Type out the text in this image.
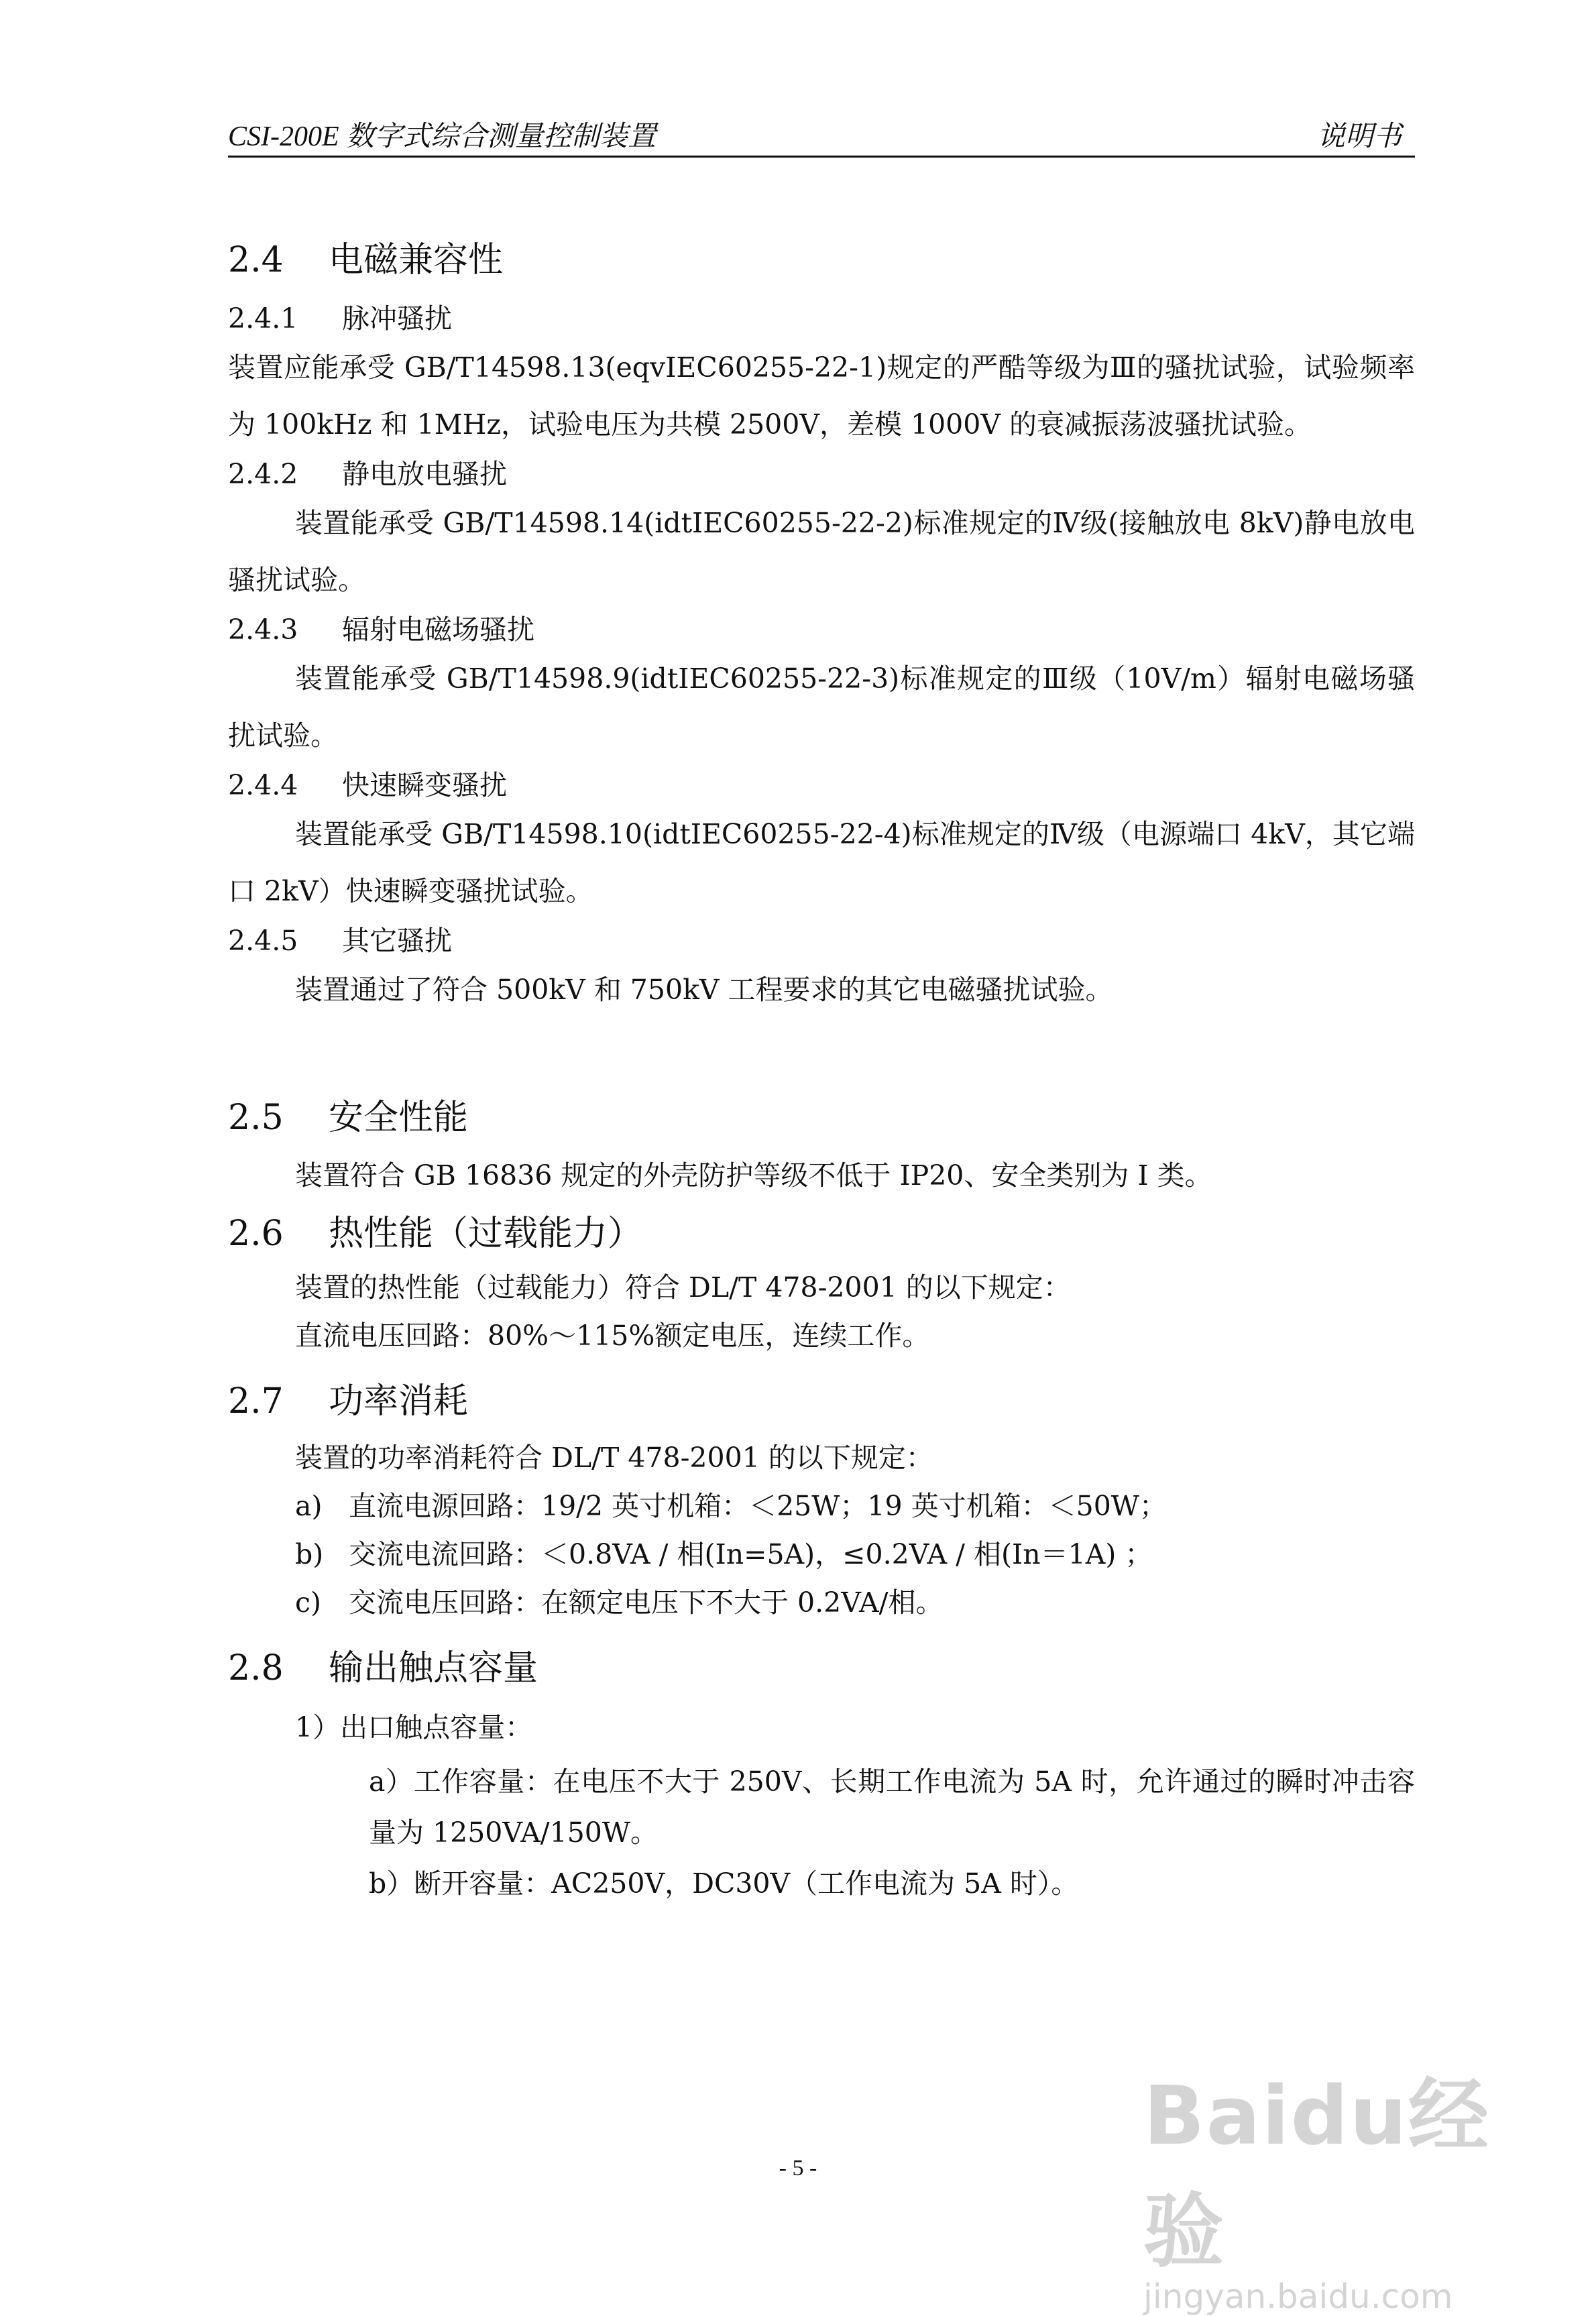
CSI-200E 数字式综合测量控制装置	说明书
2.4 电磁兼容性
2.4.1 脉冲骚扰

装置应能承受 GB/T14598.13(eqvIEC60255-22-1)规定的严酷等级为Ⅲ的骚扰试验，试验频率为 100kHz 和 1MHz，试验电压为共模 2500V，差模 1000V 的衰减振荡波骚扰试验。

2.4.2 静电放电骚扰

装置能承受 GB/T14598.14(idtIEC60255-22-2)标准规定的Ⅳ级(接触放电 8kV)静电放电骚扰试验。

2.4.3 辐射电磁场骚扰

装置能承受 GB/T14598.9(idtIEC60255-22-3)标准规定的Ⅲ级（10V/m）辐射电磁场骚扰试验。

2.4.4 快速瞬变骚扰

装置能承受 GB/T14598.10(idtIEC60255-22-4)标准规定的Ⅳ级（电源端口 4kV，其它端口 2kV）快速瞬变骚扰试验。

2.4.5 其它骚扰

装置通过了符合 500kV 和 750kV 工程要求的其它电磁骚扰试验。

2.5 安全性能

装置符合 GB 16836 规定的外壳防护等级不低于 IP20、安全类别为 I 类。

2.6 热性能（过载能力）

装置的热性能（过载能力）符合 DL/T 478-2001 的以下规定：

直流电压回路：80%～115%额定电压，连续工作。

2.7 功率消耗

装置的功率消耗符合 DL/T 478-2001 的以下规定：

a) 直流电源回路：19/2 英寸机箱：＜25W；19 英寸机箱：＜50W；

b) 交流电流回路：＜0.8VA / 相(In=5A)，≤0.2VA / 相(In＝1A) ；

c) 交流电压回路：在额定电压下不大于 0.2VA/相。

2.8 输出触点容量

1）出口触点容量：

a）工作容量：在电压不大于 250V、长期工作电流为 5A 时，允许通过的瞬时冲击容量为 1250VA/150W。

b）断开容量：AC250V，DC30V（工作电流为 5A 时）。

- 5 -
Baidu经验
jingyan.baidu.com
